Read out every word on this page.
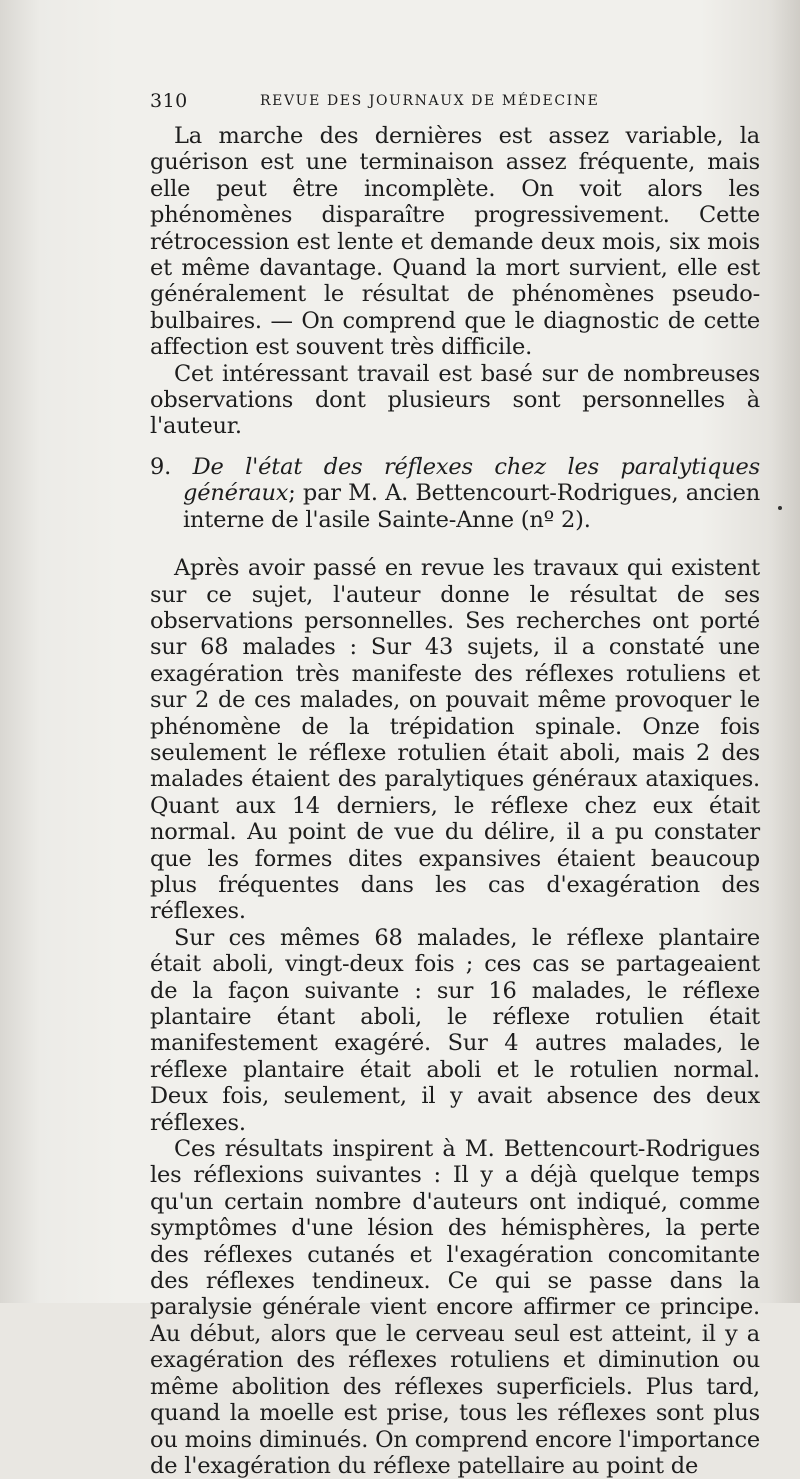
310	REVUE DES JOURNAUX DE MÉDECINE

La marche des dernières est assez variable, la guérison est une terminaison assez fréquente, mais elle peut être incomplète. On voit alors les phénomènes disparaître progressivement. Cette rétrocession est lente et demande deux mois, six mois et même davantage. Quand la mort survient, elle est généralement le résultat de phénomènes pseudo-bulbaires. — On comprend que le diagnostic de cette affection est souvent très difficile.

Cet intéressant travail est basé sur de nombreuses observations dont plusieurs sont personnelles à l'auteur.

9. De l'état des réflexes chez les paralytiques généraux; par M. A. Bettencourt-Rodrigues, ancien interne de l'asile Sainte-Anne (nº 2).

Après avoir passé en revue les travaux qui existent sur ce sujet, l'auteur donne le résultat de ses observations personnelles. Ses recherches ont porté sur 68 malades : Sur 43 sujets, il a constaté une exagération très manifeste des réflexes rotuliens et sur 2 de ces malades, on pouvait même provoquer le phénomène de la trépidation spinale. Onze fois seulement le réflexe rotulien était aboli, mais 2 des malades étaient des paralytiques généraux ataxiques. Quant aux 14 derniers, le réflexe chez eux était normal. Au point de vue du délire, il a pu constater que les formes dites expansives étaient beaucoup plus fréquentes dans les cas d'exagération des réflexes.

Sur ces mêmes 68 malades, le réflexe plantaire était aboli, vingt-deux fois ; ces cas se partageaient de la façon suivante : sur 16 malades, le réflexe plantaire étant aboli, le réflexe rotulien était manifestement exagéré. Sur 4 autres malades, le réflexe plantaire était aboli et le rotulien normal. Deux fois, seulement, il y avait absence des deux réflexes.

Ces résultats inspirent à M. Bettencourt-Rodrigues les réflexions suivantes : Il y a déjà quelque temps qu'un certain nombre d'auteurs ont indiqué, comme symptômes d'une lésion des hémisphères, la perte des réflexes cutanés et l'exagération concomitante des réflexes tendineux. Ce qui se passe dans la paralysie générale vient encore affirmer ce principe. Au début, alors que le cerveau seul est atteint, il y a exagération des réflexes rotuliens et diminution ou même abolition des réflexes superficiels. Plus tard, quand la moelle est prise, tous les réflexes sont plus ou moins diminués. On comprend encore l'importance de l'exagération du réflexe patellaire au point de
